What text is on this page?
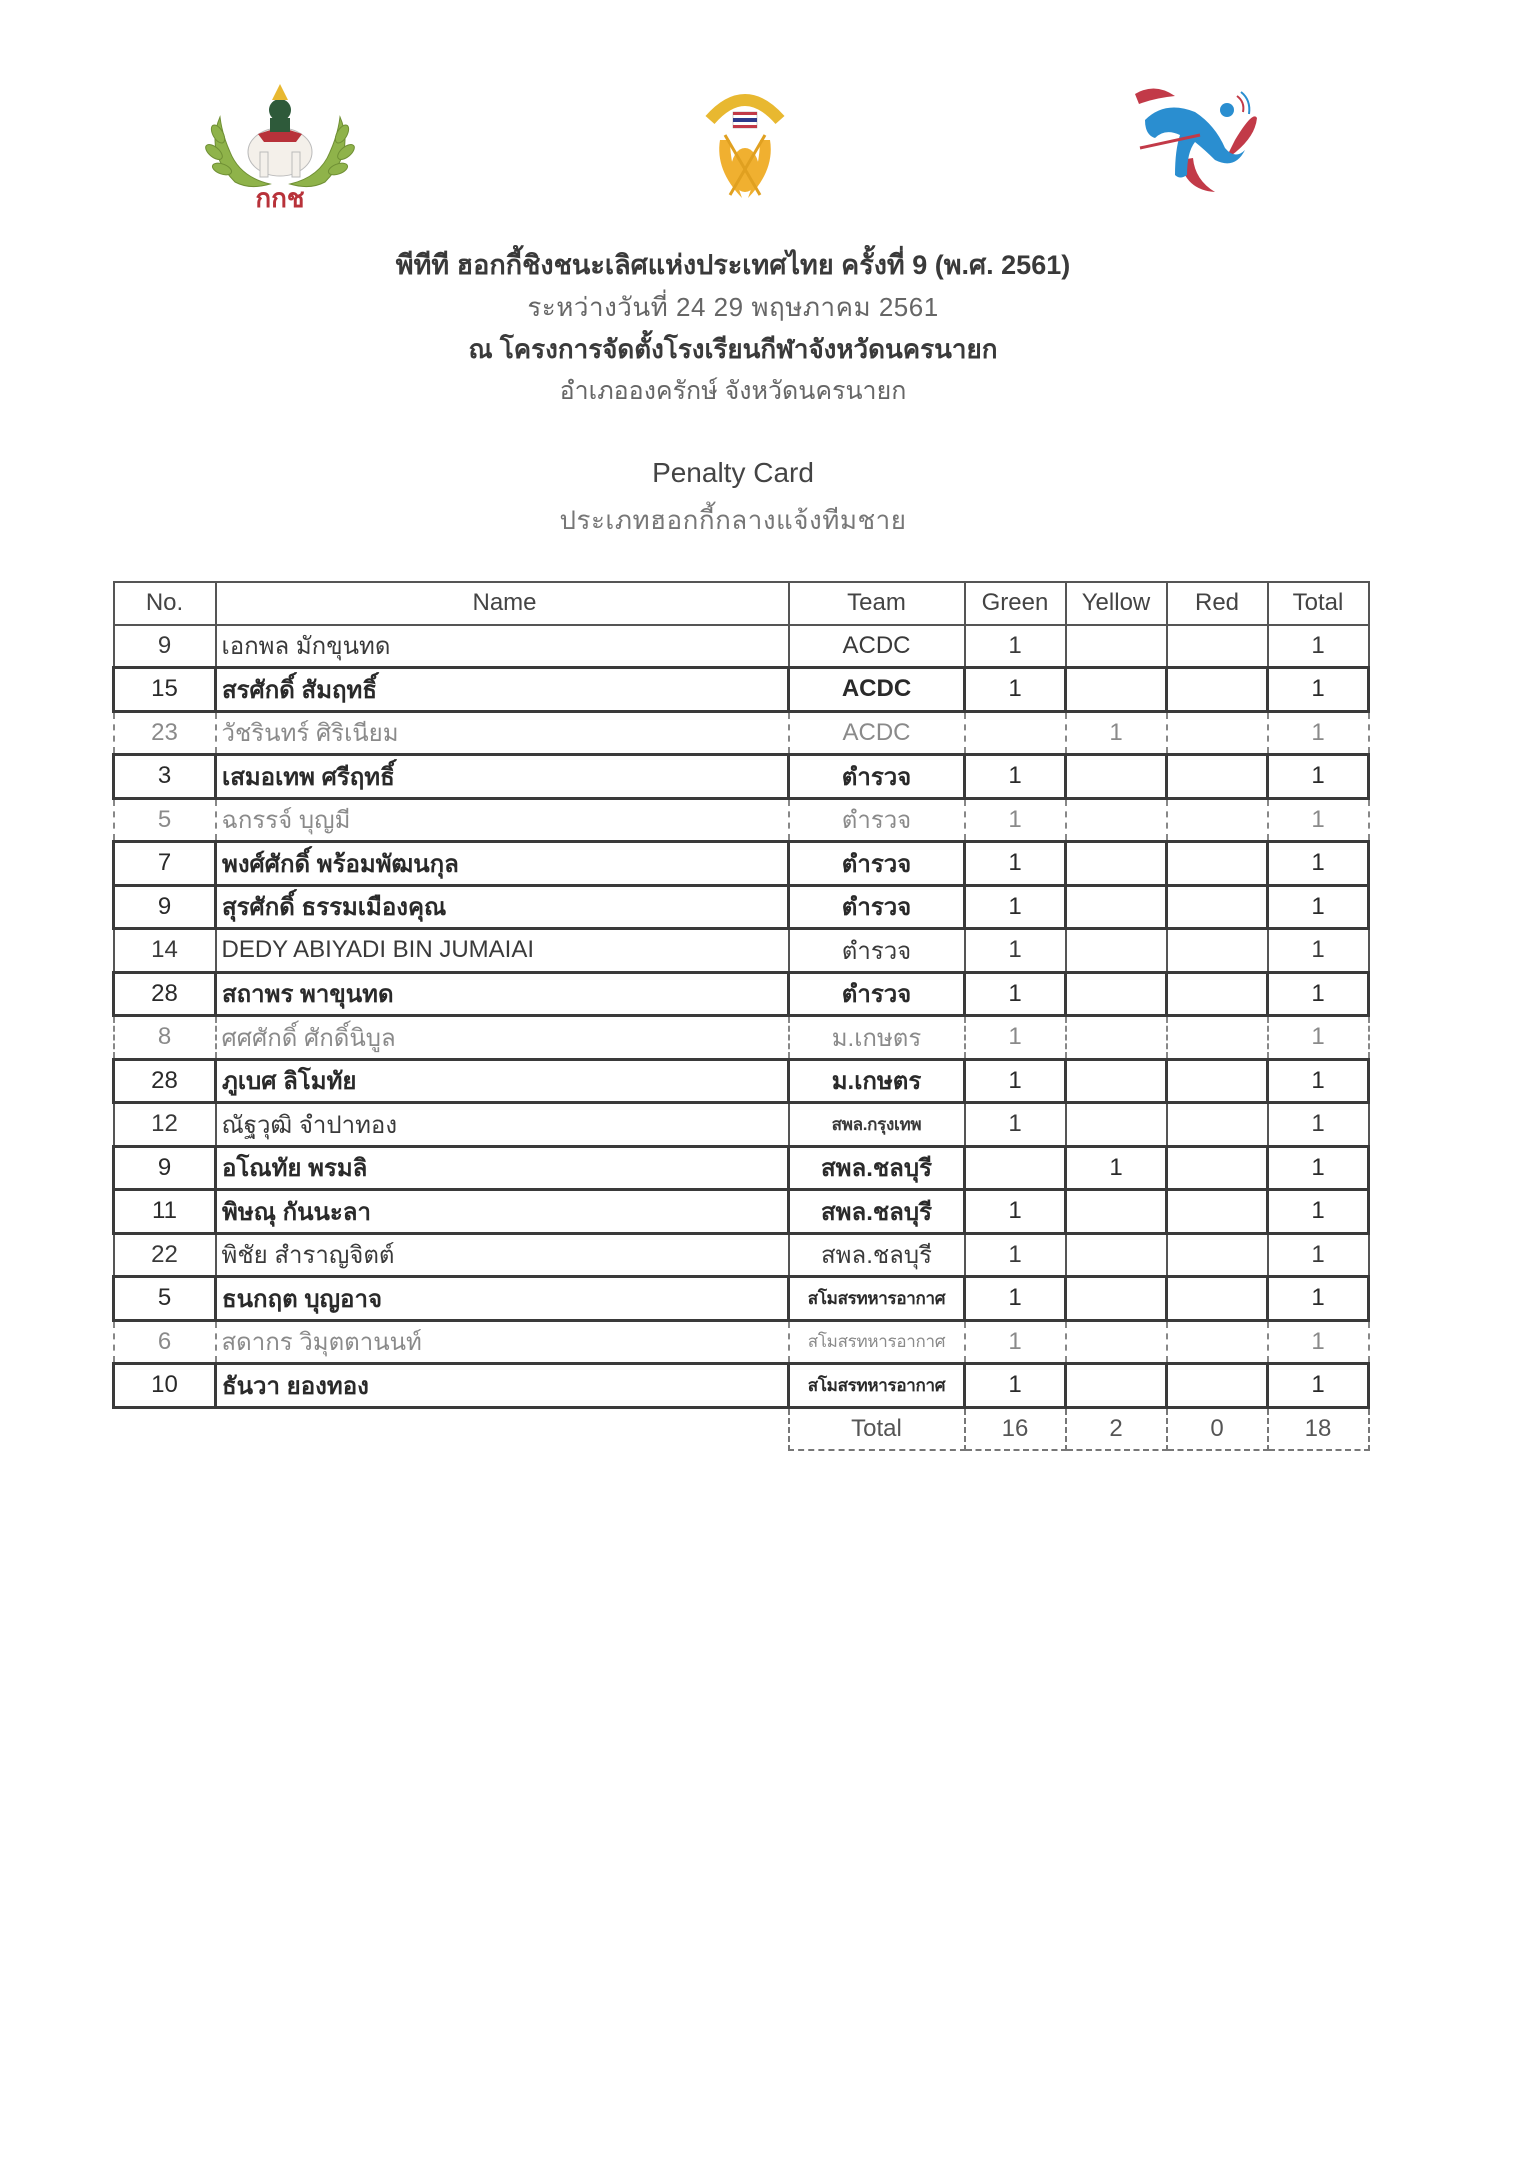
กกช
พีทีที ฮอกกี้ชิงชนะเลิศแห่งประเทศไทย ครั้งที่ 9 (พ.ศ. 2561)
ระหว่างวันที่ 24 29 พฤษภาคม 2561
ณ โครงการจัดตั้งโรงเรียนกีฬาจังหวัดนครนายก
อำเภอองครักษ์ จังหวัดนครนายก
Penalty Card
ประเภทฮอกกี้กลางแจ้งทีมชาย
No.	Name	Team	Green	Yellow	Red	Total
9	เอกพล มักขุนทด	ACDC	1			1
15	สรศักดิ์ สัมฤทธิ์	ACDC	1			1
23	วัชรินทร์ ศิริเนียม	ACDC		1		1
3	เสมอเทพ ศรีฤทธิ์	ตำรวจ	1			1
5	ฉกรรจ์ บุญมี	ตำรวจ	1			1
7	พงศ์ศักดิ์ พร้อมพัฒนกุล	ตำรวจ	1			1
9	สุรศักดิ์ ธรรมเมืองคุณ	ตำรวจ	1			1
14	DEDY ABIYADI BIN JUMAIAI	ตำรวจ	1			1
28	สถาพร พาขุนทด	ตำรวจ	1			1
8	ศศศักดิ์ ศักดิ์นิบูล	ม.เกษตร	1			1
28	ภูเบศ ลิโมทัย	ม.เกษตร	1			1
12	ณัฐวุฒิ จำปาทอง	สพล.กรุงเทพ	1			1
9	อโณทัย พรมลิ	สพล.ชลบุรี		1		1
11	พิษณุ กันนะลา	สพล.ชลบุรี	1			1
22	พิชัย สำราญจิตต์	สพล.ชลบุรี	1			1
5	ธนกฤต บุญอาจ	สโมสรทหารอากาศ	1			1
6	สดากร วิมุตตานนท์	สโมสรทหารอากาศ	1			1
10	ธันวา ยองทอง	สโมสรทหารอากาศ	1			1
		Total	16	2	0	18
